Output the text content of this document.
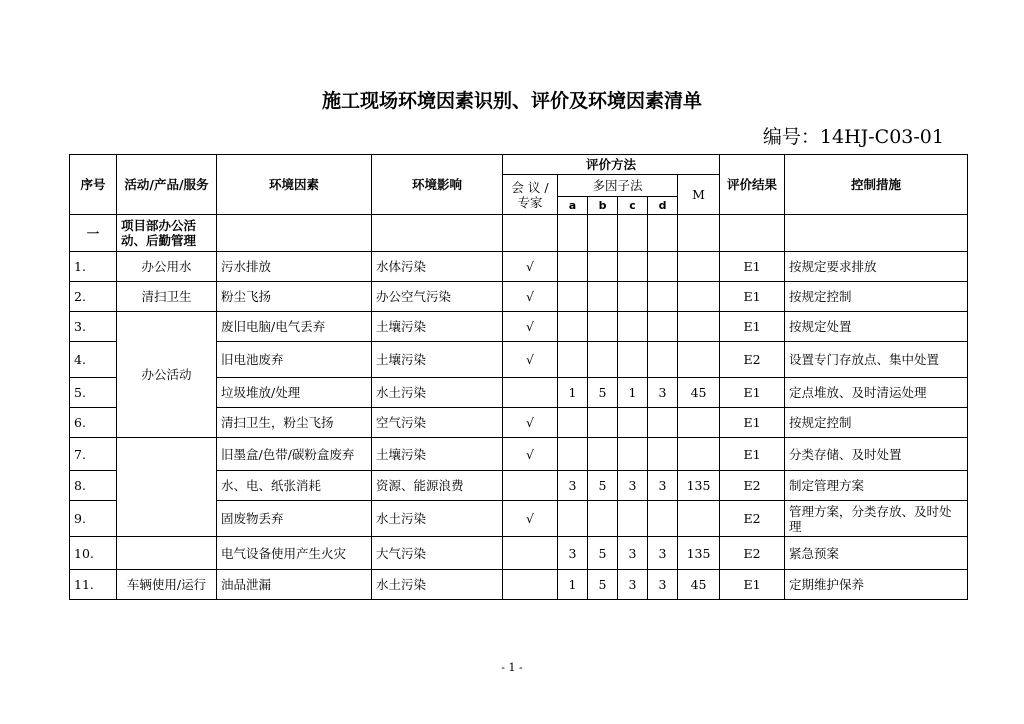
施工现场环境因素识别、评价及环境因素清单
编号：14HJ-C03-01
序号	活动/产品/服务	环境因素	环境影响	评价方法						评价结果	控制措施
				会 议 / 专家	多因子法				M		
					a	b	c	d			
一	项目部办公活动、后勤管理										
1.	办公用水	污水排放	水体污染	√						E1	按规定要求排放
2.	清扫卫生	粉尘飞扬	办公空气污染	√						E1	按规定控制
3.	办公活动	废旧电脑/电气丢弃	土壤污染	√						E1	按规定处置
4.		旧电池废弃	土壤污染	√						E2	设置专门存放点、集中处置
5.		垃圾堆放/处理	水土污染		1	5	1	3	45	E1	定点堆放、及时清运处理
6.		清扫卫生，粉尘飞扬	空气污染	√						E1	按规定控制
7.		旧墨盒/色带/碳粉盒废弃	土壤污染	√						E1	分类存储、及时处置
8.		水、电、纸张消耗	资源、能源浪费		3	5	3	3	135	E2	制定管理方案
9.		固废物丢弃	水土污染	√						E2	管理方案，分类存放、及时处理
10.		电气设备使用产生火灾	大气污染		3	5	3	3	135	E2	紧急预案
11.	车辆使用/运行	油品泄漏	水土污染		1	5	3	3	45	E1	定期维护保养
- 1 -
